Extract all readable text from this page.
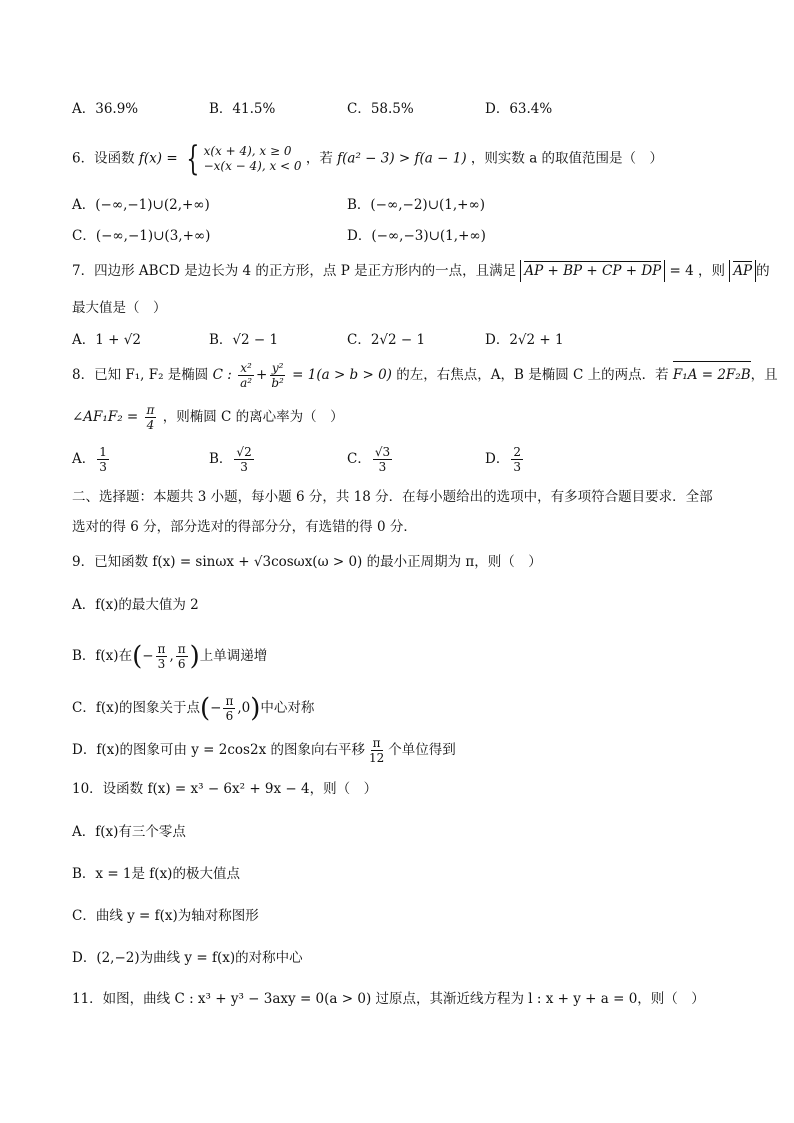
A．36.9%	B．41.5%	C．58.5%	D．63.4%
6．设函数 f(x) = { x(x + 4), x ≥ 0
−x(x − 4), x < 0 ，若 f(a² − 3) > f(a − 1) ，则实数 a 的取值范围是（　）
A．(−∞,−1)∪(2,+∞)	B．(−∞,−2)∪(1,+∞)
C．(−∞,−1)∪(3,+∞)	D．(−∞,−3)∪(1,+∞)
7．四边形 ABCD 是边长为 4 的正方形，点 P 是正方形内的一点，且满足 AP + BP + CP + DP = 4 ，则 AP 的
最大值是（　）
A．1 + √2	B．√2 − 1	C．2√2 − 1	D．2√2 + 1
8．已知 F₁, F₂ 是椭圆 C : $\frac{\text{x²}}{\text{a²}} + \frac{\text{y²}}{\text{b²}} = 1(a > b > 0)$ 的左，右焦点，A，B 是椭圆 C 上的两点．若 F₁A = 2F₂B，且
∠AF₁F₂ = $\frac{\pi}{4}$ ，则椭圆 C 的离心率为（　）
A． $\frac{1}{3}$	B． $\frac{√2}{3}$	C． $\frac{√3}{3}$	D． $\frac{2}{3}$
二、选择题：本题共 3 小题，每小题 6 分，共 18 分．在每小题给出的选项中，有多项符合题目要求．全部
选对的得 6 分，部分选对的得部分分，有选错的得 0 分．
9．已知函数 f(x) = sinωx + √3cosωx(ω > 0) 的最小正周期为 π，则（　）
A．f(x)的最大值为 2
B．f(x)在(− $\frac{\pi}{3}$ , $\frac{\pi}{6}$ )上单调递增
C．f(x)的图象关于点(− $\frac{\pi}{6} ,0$)中心对称
D．f(x)的图象可由 y = 2cos2x 的图象向右平移 $\frac{\pi}{12}$ 个单位得到
10．设函数 f(x) = x³ − 6x² + 9x − 4，则（　）
A．f(x)有三个零点
B．x = 1是 f(x)的极大值点
C．曲线 y = f(x)为轴对称图形
D．(2,−2)为曲线 y = f(x)的对称中心
11．如图，曲线 C : x³ + y³ − 3axy = 0(a > 0) 过原点，其渐近线方程为 l : x + y + a = 0，则（　）
